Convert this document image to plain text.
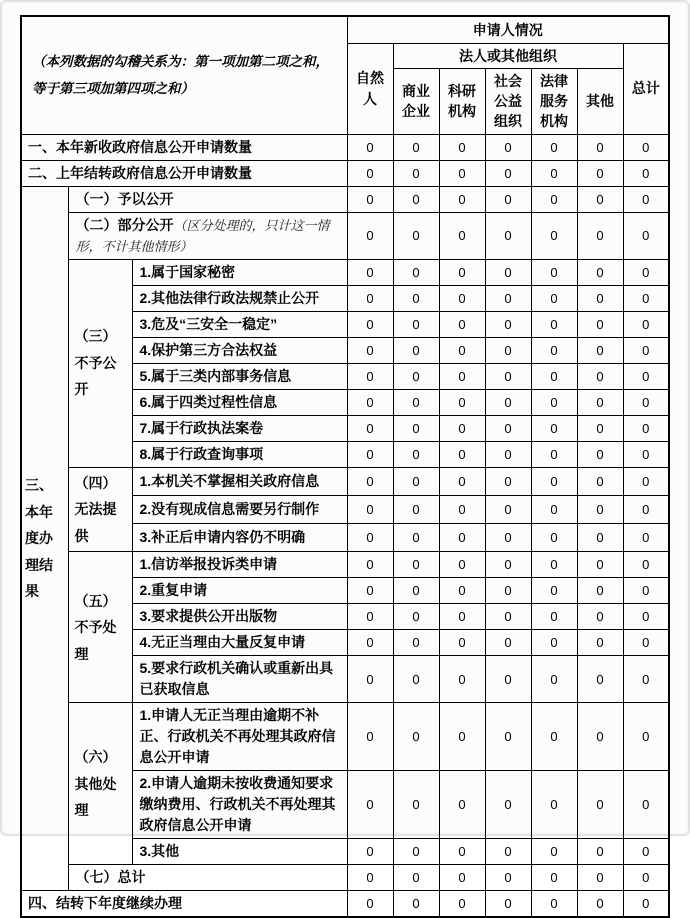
（本列数据的勾稽关系为：第一项加第二项之和，等于第三项加第四项之和）			申请人情况						
			自然人	法人或其他组织					总计
				商业企业	科研机构	社会公益组织	法律服务机构	其他	
一、本年新收政府信息公开申请数量			0	0	0	0	0	0	0
二、上年结转政府信息公开申请数量			0	0	0	0	0	0	0
三、本年度办理结果	（一）予以公开		0	0	0	0	0	0	0
	（二）部分公开（区分处理的，只计这一情形，不计其他情形）		0	0	0	0	0	0	0
	（三）不予公开	1.属于国家秘密	0	0	0	0	0	0	0
		2.其他法律行政法规禁止公开	0	0	0	0	0	0	0
		3.危及“三安全一稳定”	0	0	0	0	0	0	0
		4.保护第三方合法权益	0	0	0	0	0	0	0
		5.属于三类内部事务信息	0	0	0	0	0	0	0
		6.属于四类过程性信息	0	0	0	0	0	0	0
		7.属于行政执法案卷	0	0	0	0	0	0	0
		8.属于行政查询事项	0	0	0	0	0	0	0
	（四）无法提供	1.本机关不掌握相关政府信息	0	0	0	0	0	0	0
		2.没有现成信息需要另行制作	0	0	0	0	0	0	0
		3.补正后申请内容仍不明确	0	0	0	0	0	0	0
	（五）不予处理	1.信访举报投诉类申请	0	0	0	0	0	0	0
		2.重复申请	0	0	0	0	0	0	0
		3.要求提供公开出版物	0	0	0	0	0	0	0
		4.无正当理由大量反复申请	0	0	0	0	0	0	0
		5.要求行政机关确认或重新出具已获取信息	0	0	0	0	0	0	0
	（六）其他处理	1.申请人无正当理由逾期不补正、行政机关不再处理其政府信息公开申请	0	0	0	0	0	0	0
		2.申请人逾期未按收费通知要求缴纳费用、行政机关不再处理其政府信息公开申请	0	0	0	0	0	0	0
		3.其他	0	0	0	0	0	0	0
	（七）总计		0	0	0	0	0	0	0
四、结转下年度继续办理			0	0	0	0	0	0	0
